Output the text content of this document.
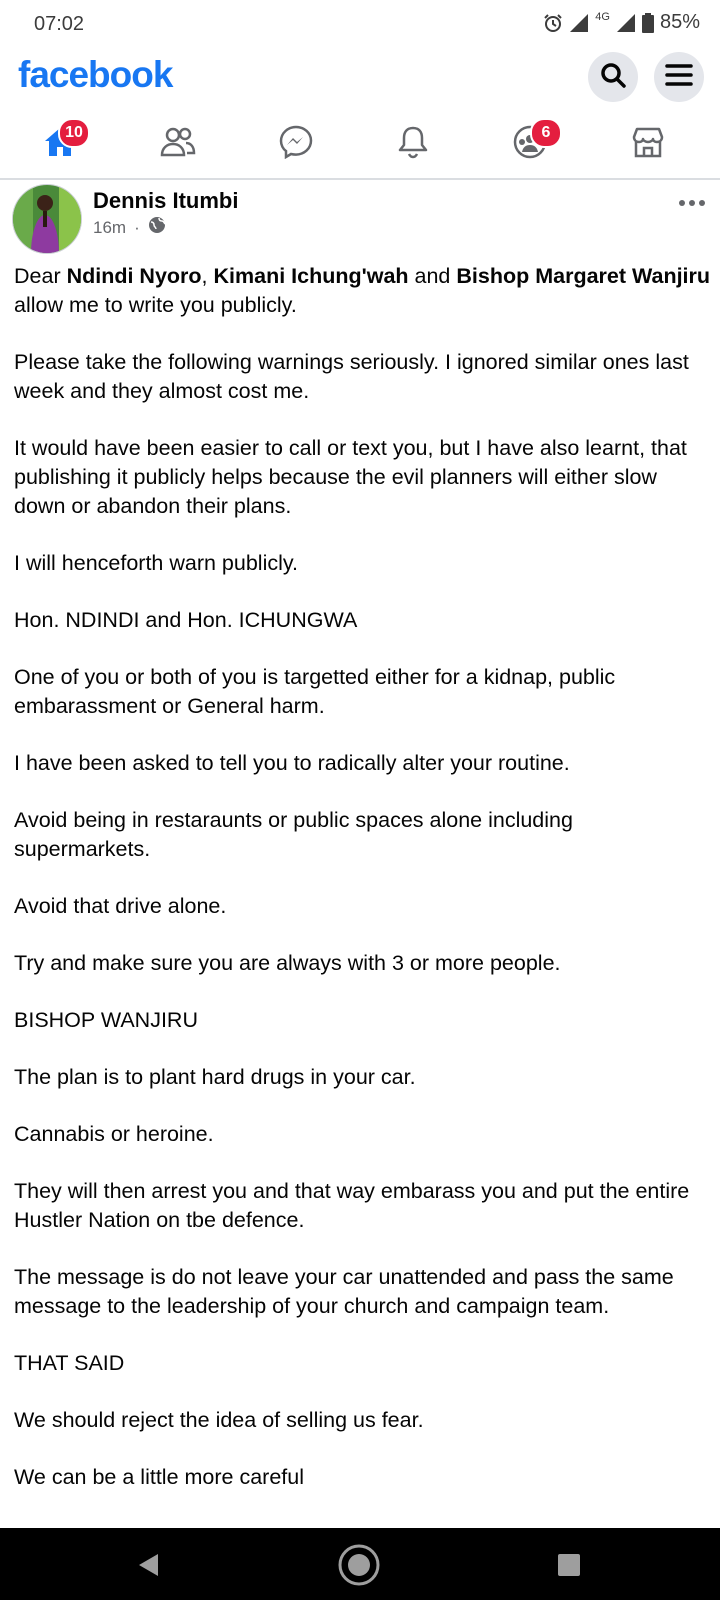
07:02	4G	85%
facebook
10	6
Dennis Itumbi
16m ·

Dear Ndindi Nyoro, Kimani Ichung'wah and Bishop Margaret Wanjiru allow me to write you publicly.

Please take the following warnings seriously. I ignored similar ones last week and they almost cost me.

It would have been easier to call or text you, but I have also learnt, that publishing it publicly helps because the evil planners will either slow down or abandon their plans.

I will henceforth warn publicly.

Hon. NDINDI and Hon. ICHUNGWA

One of you or both of you is targetted either for a kidnap, public embarassment or General harm.

I have been asked to tell you to radically alter your routine.

Avoid being in restaraunts or public spaces alone including supermarkets.

Avoid that drive alone.

Try and make sure you are always with 3 or more people.

BISHOP WANJIRU

The plan is to plant hard drugs in your car.

Cannabis or heroine.

They will then arrest you and that way embarass you and put the entire Hustler Nation on tbe defence.

The message is do not leave your car unattended and pass the same message to the leadership of your church and campaign team.

THAT SAID

We should reject the idea of selling us fear.

We can be a little more careful
